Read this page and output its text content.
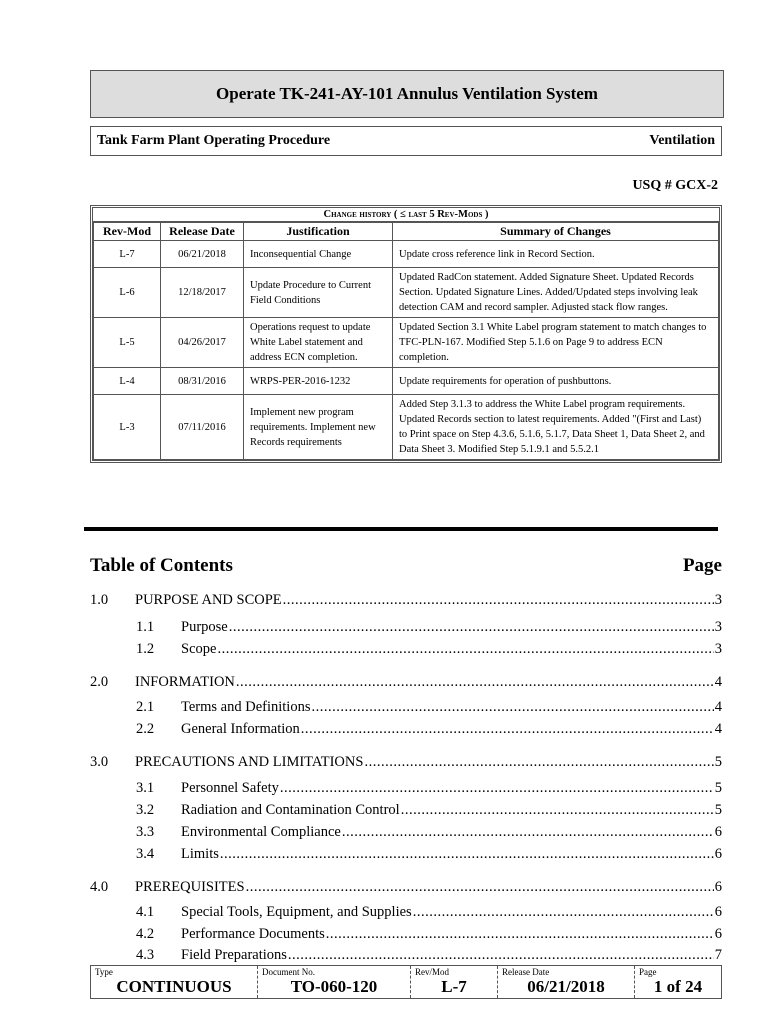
Operate TK-241-AY-101 Annulus Ventilation System
Tank Farm Plant Operating Procedure	Ventilation
USQ # GCX-2
Change history ( ≤ last 5 Rev-Mods )
Rev-Mod	Release Date	Justification	Summary of Changes
L-7	06/21/2018	Inconsequential Change	Update cross reference link in Record Section.
L-6	12/18/2017	Update Procedure to Current Field Conditions	Updated RadCon statement. Added Signature Sheet. Updated Records Section. Updated Signature Lines. Added/Updated steps involving leak detection CAM and record sampler. Adjusted stack flow ranges.
L-5	04/26/2017	Operations request to update White Label statement and address ECN completion.	Updated Section 3.1 White Label program statement to match changes to TFC-PLN-167. Modified Step 5.1.6 on Page 9 to address ECN completion.
L-4	08/31/2016	WRPS-PER-2016-1232	Update requirements for operation of pushbuttons.
L-3	07/11/2016	Implement new program requirements. Implement new Records requirements	Added Step 3.1.3 to address the White Label program requirements. Updated Records section to latest requirements. Added "(First and Last) to Print space on Step 4.3.6, 5.1.6, 5.1.7, Data Sheet 1, Data Sheet 2, and Data Sheet 3. Modified Step 5.1.9.1 and 5.5.2.1
Table of Contents	Page
1.0	PURPOSE AND SCOPE .....	3
1.1	Purpose .....	3
1.2	Scope .....	3
2.0	INFORMATION .....	4
2.1	Terms and Definitions .....	4
2.2	General Information .....	4
3.0	PRECAUTIONS AND LIMITATIONS .....	5
3.1	Personnel Safety .....	5
3.2	Radiation and Contamination Control .....	5
3.3	Environmental Compliance .....	6
3.4	Limits .....	6
4.0	PREREQUISITES .....	6
4.1	Special Tools, Equipment, and Supplies .....	6
4.2	Performance Documents .....	6
4.3	Field Preparations .....	7
Type
CONTINUOUS
Document No.
TO-060-120
Rev/Mod
L-7
Release Date
06/21/2018
Page
1 of 24
